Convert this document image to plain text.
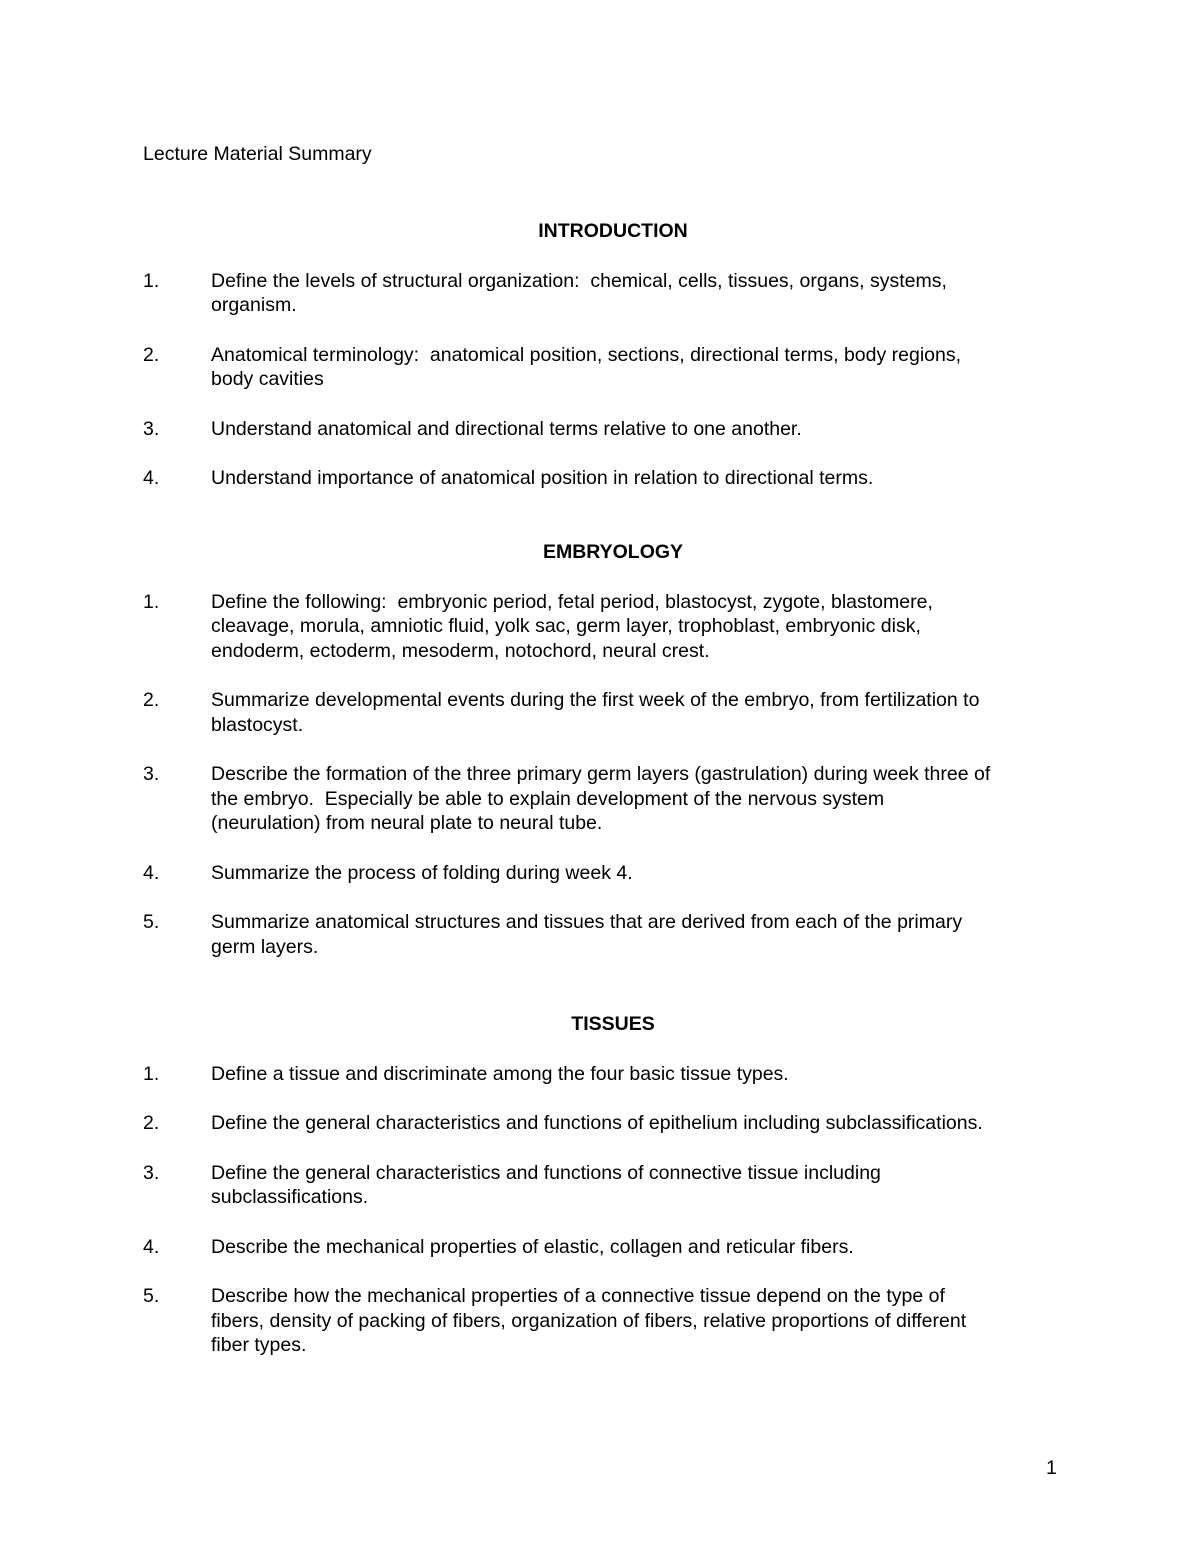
Lecture Material Summary
INTRODUCTION
1.	Define the levels of structural organization:  chemical, cells, tissues, organs, systems,
organism.
2.	Anatomical terminology:  anatomical position, sections, directional terms, body regions,
body cavities
3.	Understand anatomical and directional terms relative to one another.
4.	Understand importance of anatomical position in relation to directional terms.
EMBRYOLOGY
1.	Define the following:  embryonic period, fetal period, blastocyst, zygote, blastomere,
cleavage, morula, amniotic fluid, yolk sac, germ layer, trophoblast, embryonic disk,
endoderm, ectoderm, mesoderm, notochord, neural crest.
2.	Summarize developmental events during the first week of the embryo, from fertilization to
blastocyst.
3.	Describe the formation of the three primary germ layers (gastrulation) during week three of
the embryo.  Especially be able to explain development of the nervous system
(neurulation) from neural plate to neural tube.
4.	Summarize the process of folding during week 4.
5.	Summarize anatomical structures and tissues that are derived from each of the primary
germ layers.
TISSUES
1.	Define a tissue and discriminate among the four basic tissue types.
2.	Define the general characteristics and functions of epithelium including subclassifications.
3.	Define the general characteristics and functions of connective tissue including
subclassifications.
4.	Describe the mechanical properties of elastic, collagen and reticular fibers.
5.	Describe how the mechanical properties of a connective tissue depend on the type of
fibers, density of packing of fibers, organization of fibers, relative proportions of different
fiber types.
1
